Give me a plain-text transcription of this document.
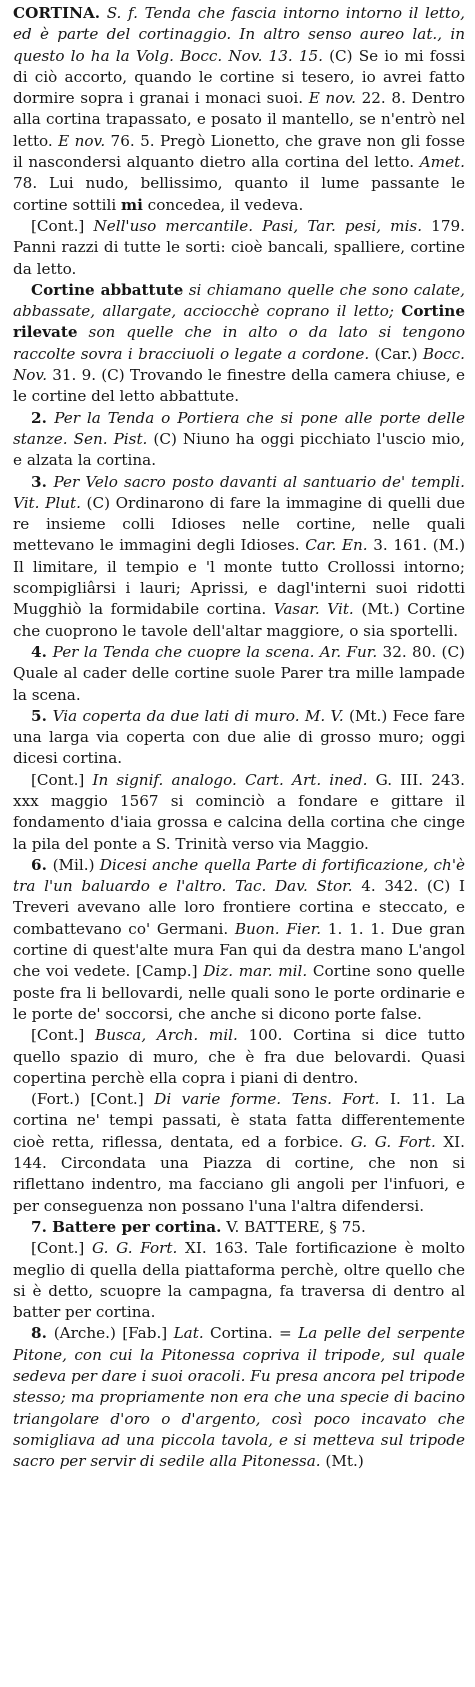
CORTINA. S. f. Tenda che fascia intorno intorno il letto, ed è parte del cortinaggio. In altro senso aureo lat., in questo lo ha la Volg. Bocc. Nov. 13. 15. (C) Se io mi fossi di ciò accorto, quando le cortine si tesero, io avrei fatto dormire sopra i granai i monaci suoi. E nov. 22. 8. Dentro alla cortina trapassato, e posato il mantello, se n'entrò nel letto. E nov. 76. 5. Pregò Lionetto, che grave non gli fosse il nascondersi alquanto dietro alla cortina del letto. Amet. 78. Lui nudo, bellissimo, quanto il lume passante le cortine sottili mi concedea, il vedeva.

[Cont.] Nell'uso mercantile. Pasi, Tar. pesi, mis. 179. Panni razzi di tutte le sorti: cioè bancali, spalliere, cortine da letto.

Cortine abbattute si chiamano quelle che sono calate, abbassate, allargate, acciocchè coprano il letto; Cortine rilevate son quelle che in alto o da lato si tengono raccolte sovra i bracciuoli o legate a cordone. (Car.) Bocc. Nov. 31. 9. (C) Trovando le finestre della camera chiuse, e le cortine del letto abbattute.

2. Per la Tenda o Portiera che si pone alle porte delle stanze. Sen. Pist. (C) Niuno ha oggi picchiato l'uscio mio, e alzata la cortina.

3. Per Velo sacro posto davanti al santuario de' templi. Vit. Plut. (C) Ordinarono di fare la immagine di quelli due re insieme colli Idioses nelle cortine, nelle quali mettevano le immagini degli Idioses. Car. En. 3. 161. (M.) Il limitare, il tempio e 'l monte tutto Crollossi intorno; scompigliârsi i lauri; Aprissi, e dagl'interni suoi ridotti Mugghiò la formidabile cortina. Vasar. Vit. (Mt.) Cortine che cuoprono le tavole dell'altar maggiore, o sia sportelli.

4. Per la Tenda che cuopre la scena. Ar. Fur. 32. 80. (C) Quale al cader delle cortine suole Parer tra mille lampade la scena.

5. Via coperta da due lati di muro. M. V. (Mt.) Fece fare una larga via coperta con due alie di grosso muro; oggi dicesi cortina.

[Cont.] In signif. analogo. Cart. Art. ined. G. III. 243. xxx maggio 1567 si cominciò a fondare e gittare il fondamento d'iaia grossa e calcina della cortina che cinge la pila del ponte a S. Trinità verso via Maggio.

6. (Mil.) Dicesi anche quella Parte di fortificazione, ch'è tra l'un baluardo e l'altro. Tac. Dav. Stor. 4. 342. (C) I Treveri avevano alle loro frontiere cortina e steccato, e combattevano co' Germani. Buon. Fier. 1. 1. 1. Due gran cortine di quest'alte mura Fan qui da destra mano L'angol che voi vedete. [Camp.] Diz. mar. mil. Cortine sono quelle poste fra li bellovardi, nelle quali sono le porte ordinarie e le porte de' soccorsi, che anche si dicono porte false.

[Cont.] Busca, Arch. mil. 100. Cortina si dice tutto quello spazio di muro, che è fra due belovardi. Quasi copertina perchè ella copra i piani di dentro.

(Fort.) [Cont.] Di varie forme. Tens. Fort. I. 11. La cortina ne' tempi passati, è stata fatta differentemente cioè retta, riflessa, dentata, ed a forbice. G. G. Fort. XI. 144. Circondata una Piazza di cortine, che non si riflettano indentro, ma facciano gli angoli per l'infuori, e per conseguenza non possano l'una l'altra difendersi.

7. Battere per cortina. V. BATTERE, § 75.

[Cont.] G. G. Fort. XI. 163. Tale fortificazione è molto meglio di quella della piattaforma perchè, oltre quello che si è detto, scuopre la campagna, fa traversa di dentro al batter per cortina.

8. (Arche.) [Fab.] Lat. Cortina. = La pelle del serpente Pitone, con cui la Pitonessa copriva il tripode, sul quale sedeva per dare i suoi oracoli. Fu presa ancora pel tripode stesso; ma propriamente non era che una specie di bacino triangolare d'oro o d'argento, così poco incavato che somigliava ad una piccola tavola, e si metteva sul tripode sacro per servir di sedile alla Pitonessa. (Mt.)
